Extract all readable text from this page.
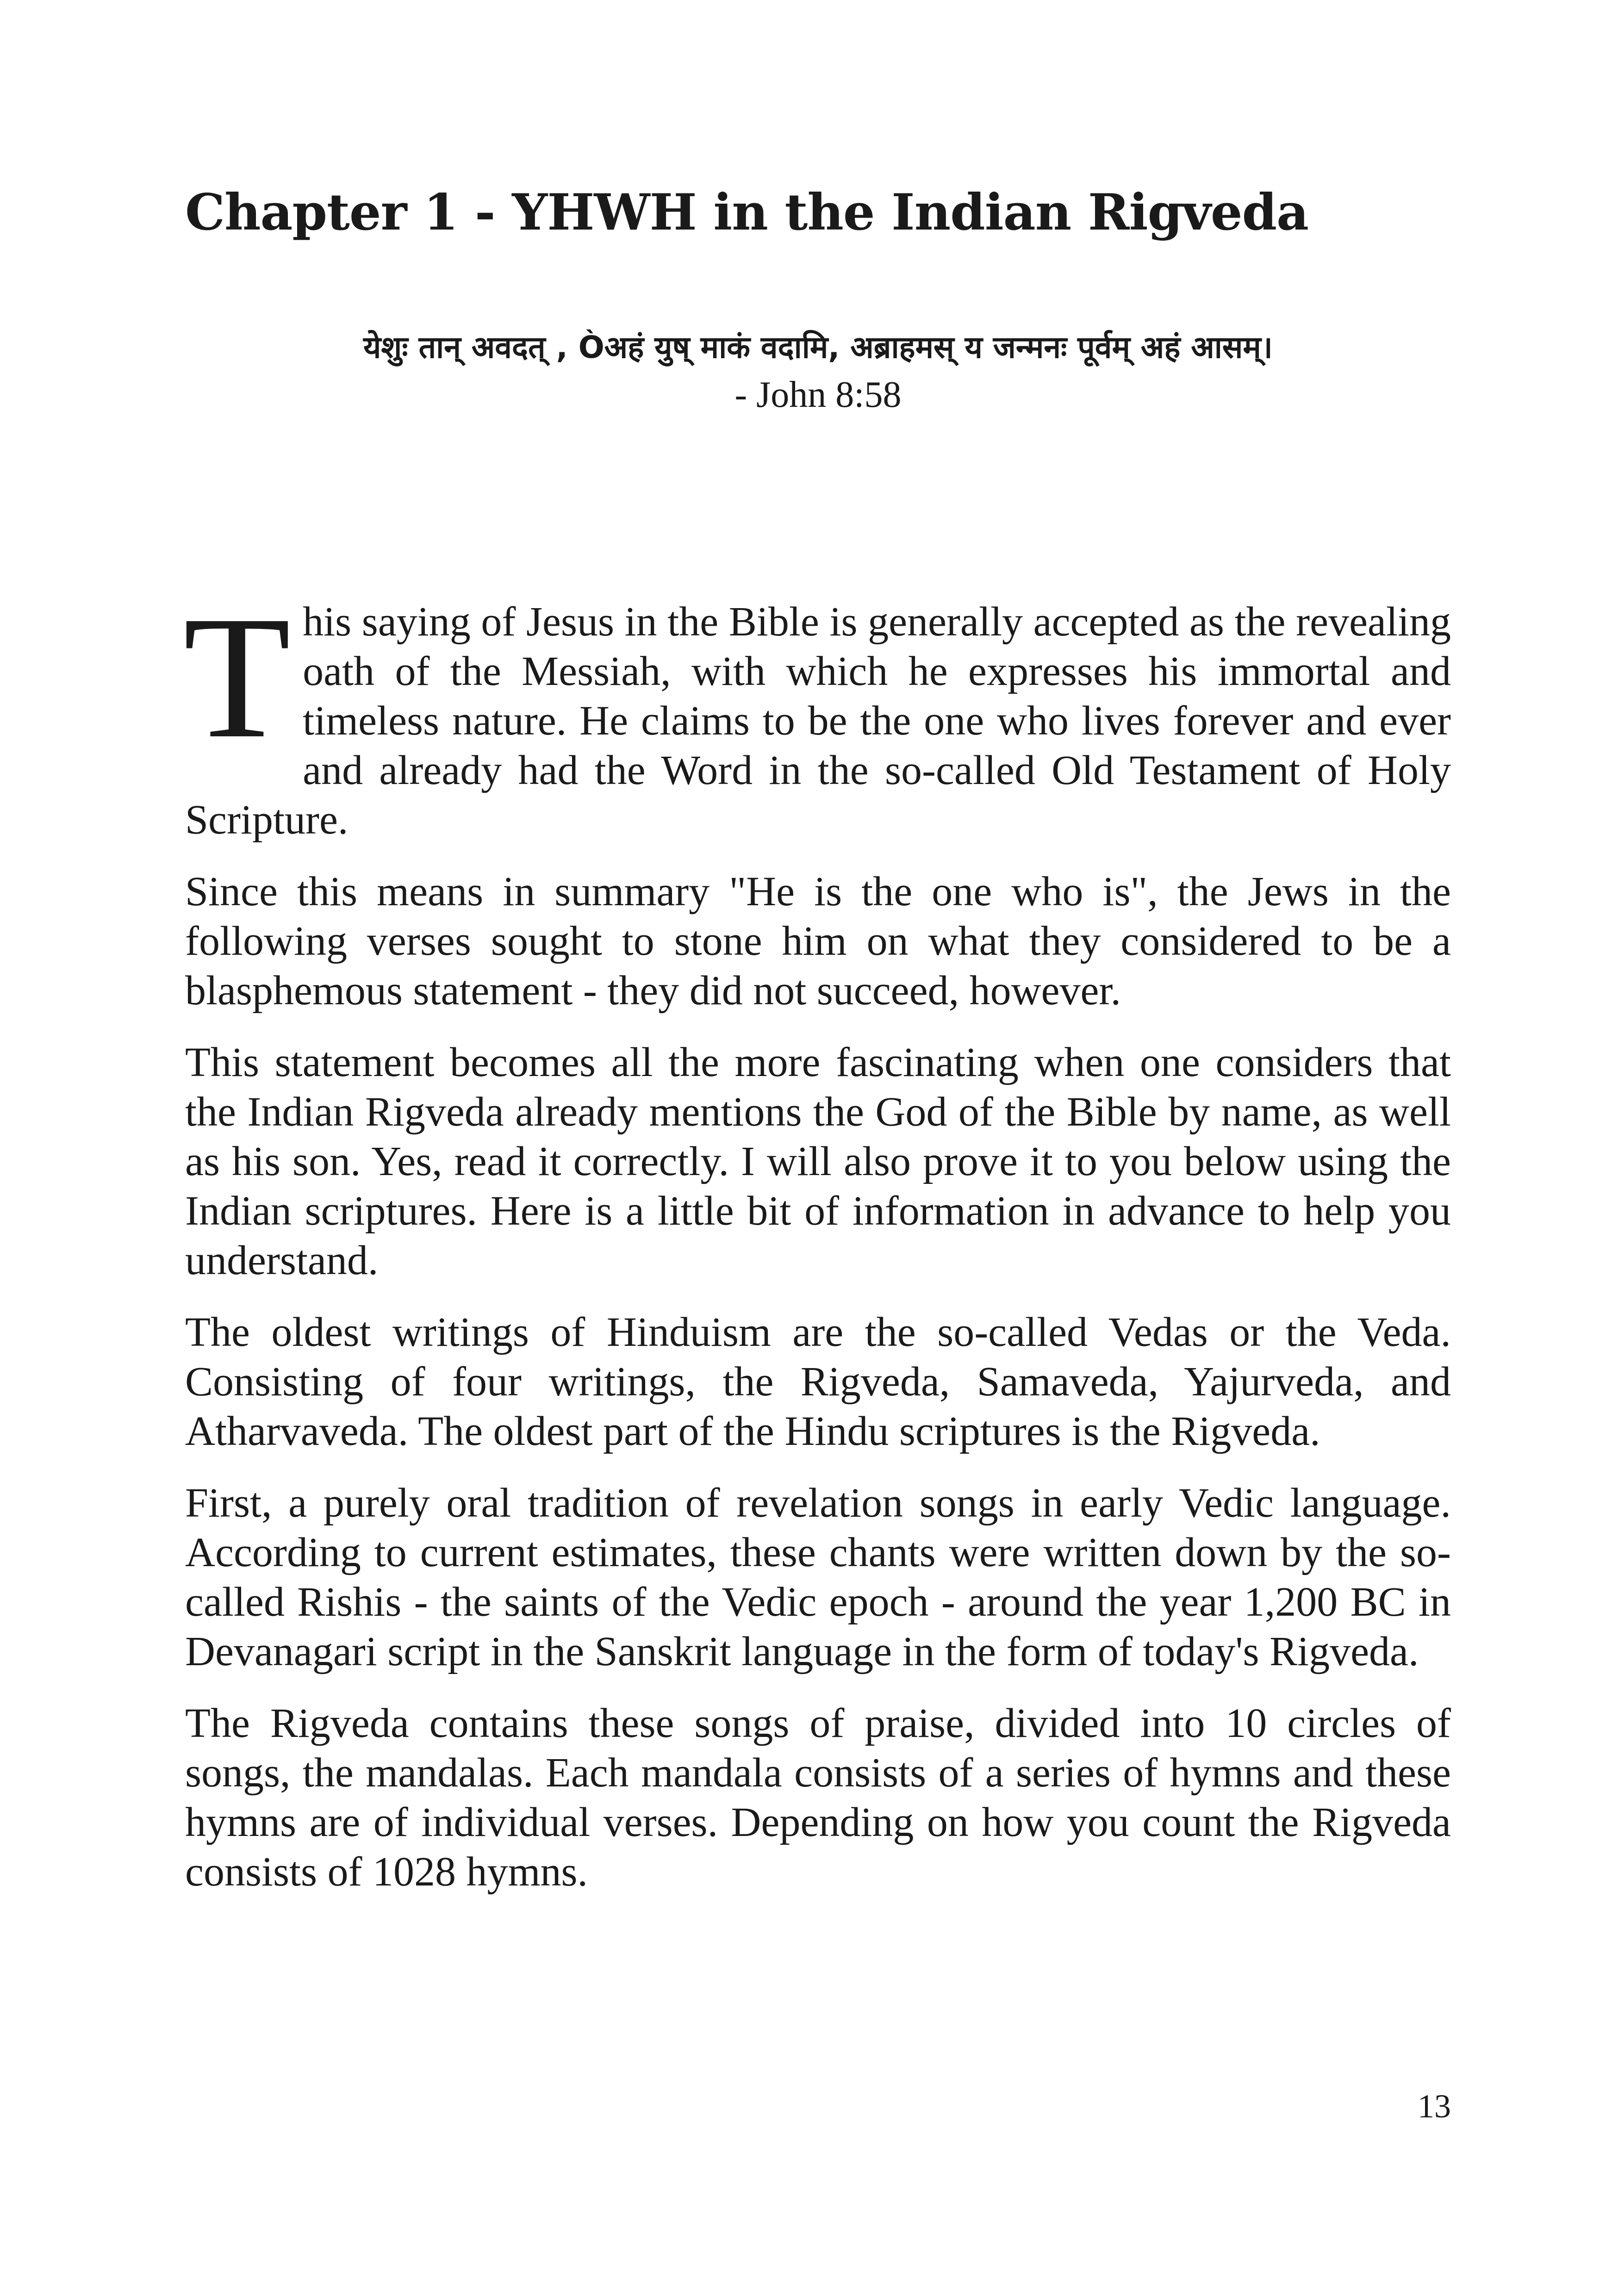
Chapter 1 - YHWH in the Indian Rigveda
येशुः तान् अवदत् , Òअहं युष् माकं वदामि, अब्राहमस् य जन्मनः पूर्वम् अहं आसम्।
- John 8:58

This saying of Jesus in the Bible is generally accepted as the revealing oath of the Messiah, with which he expresses his immortal and timeless nature. He claims to be the one who lives forever and ever and already had the Word in the so-called Old Testament of Holy Scripture.

Since this means in summary "He is the one who is", the Jews in the following verses sought to stone him on what they considered to be a blasphemous statement - they did not succeed, however.

This statement becomes all the more fascinating when one considers that the Indian Rigveda already mentions the God of the Bible by name, as well as his son. Yes, read it correctly. I will also prove it to you below using the Indian scriptures. Here is a little bit of information in advance to help you understand.

The oldest writings of Hinduism are the so-called Vedas or the Veda. Consisting of four writings, the Rigveda, Samaveda, Yajurveda, and Atharvaveda. The oldest part of the Hindu scriptures is the Rigveda.

First, a purely oral tradition of revelation songs in early Vedic language. According to current estimates, these chants were written down by the so-called Rishis - the saints of the Vedic epoch - around the year 1,200 BC in Devanagari script in the Sanskrit language in the form of today's Rigveda.

The Rigveda contains these songs of praise, divided into 10 circles of songs, the mandalas. Each mandala consists of a series of hymns and these hymns are of individual verses. Depending on how you count the Rigveda consists of 1028 hymns.

13
